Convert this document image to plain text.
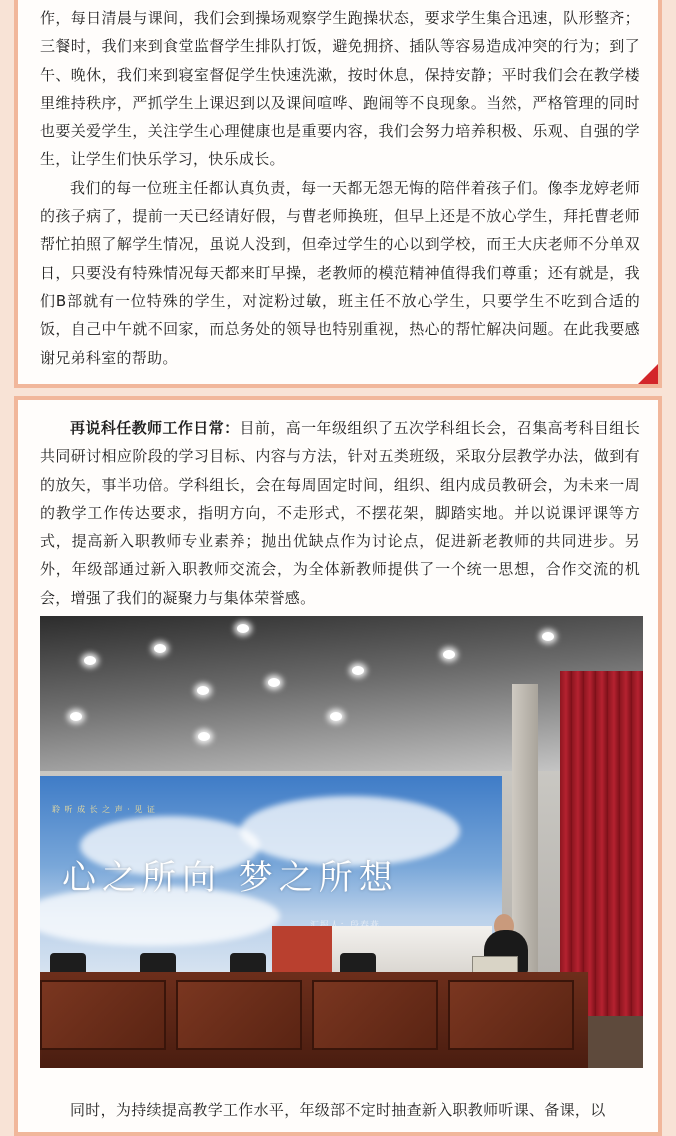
作，每日清晨与课间，我们会到操场观察学生跑操状态，要求学生集合迅速，队形整齐；三餐时，我们来到食堂监督学生排队打饭，避免拥挤、插队等容易造成冲突的行为；到了午、晚休，我们来到寝室督促学生快速洗漱，按时休息，保持安静；平时我们会在教学楼里维持秩序，严抓学生上课迟到以及课间喧哗、跑闹等不良现象。当然，严格管理的同时也要关爱学生，关注学生心理健康也是重要内容，我们会努力培养积极、乐观、自强的学生，让学生们快乐学习，快乐成长。

我们的每一位班主任都认真负责，每一天都无怨无悔的陪伴着孩子们。像李龙婷老师的孩子病了，提前一天已经请好假，与曹老师换班，但早上还是不放心学生，拜托曹老师帮忙拍照了解学生情况，虽说人没到，但牵过学生的心以到学校，而王大庆老师不分单双日，只要没有特殊情况每天都来盯早操，老教师的模范精神值得我们尊重；还有就是，我们B部就有一位特殊的学生，对淀粉过敏，班主任不放心学生，只要学生不吃到合适的饭，自己中午就不回家，而总务处的领导也特别重视，热心的帮忙解决问题。在此我要感谢兄弟科室的帮助。

再说科任教师工作日常：目前，高一年级组织了五次学科组长会，召集高考科目组长共同研讨相应阶段的学习目标、内容与方法，针对五类班级，采取分层教学办法，做到有的放矢，事半功倍。学科组长，会在每周固定时间，组织、组内成员教研会，为未来一周的教学工作传达要求，指明方向，不走形式，不摆花架，脚踏实地。并以说课评课等方式，提高新入职教师专业素养；抛出优缺点作为讨论点，促进新老教师的共同进步。另外，年级部通过新入职教师交流会，为全体新教师提供了一个统一思想，合作交流的机会，增强了我们的凝聚力与集体荣誉感。

聆 听 成 长 之 声 · 见 证
心之所向 梦之所想
同时，为持续提高教学工作水平，年级部不定时抽查新入职教师听课、备课，以
